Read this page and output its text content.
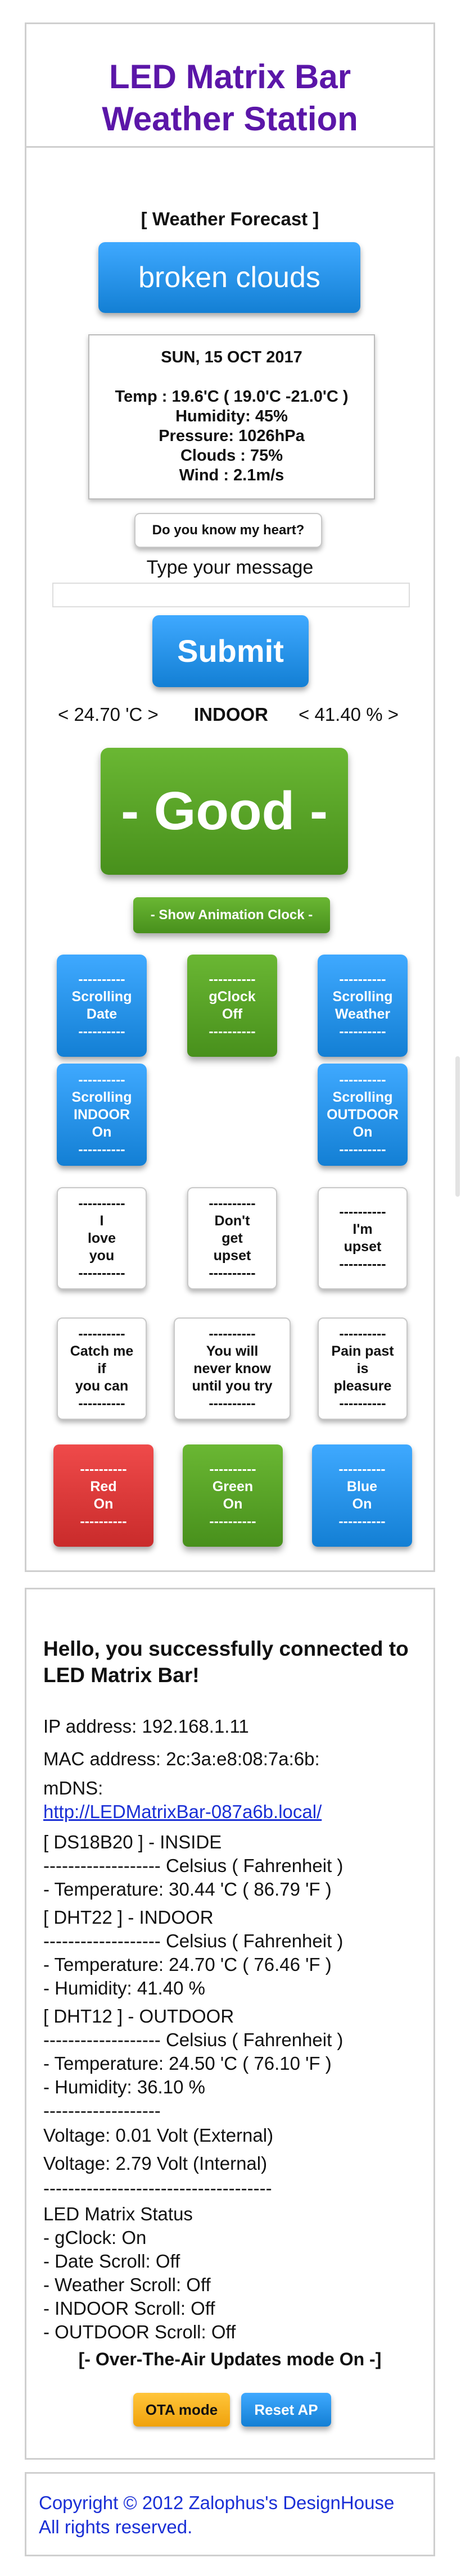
LED Matrix Bar
Weather Station
[ Weather Forecast ]
broken clouds
SUN, 15 OCT 2017
Temp : 19.6'C ( 19.0'C -21.0'C )
Humidity: 45%
Pressure: 1026hPa
Clouds : 75%
Wind : 2.1m/s
Do you know my heart?
Type your message
Submit
< 24.70 'C > INDOOR < 41.40 % >
- Good -
- Show Animation Clock -
----------
Scrolling
Date
----------
----------
gClock
Off
----------
----------
Scrolling
Weather
----------
----------
Scrolling
INDOOR
On
----------
----------
Scrolling
OUTDOOR
On
----------
----------
I
love
you
----------
----------
Don't
get
upset
----------
----------
I'm
upset
----------
----------
Catch me
if
you can
----------
----------
You will
never know
until you try
----------
----------
Pain past
is
pleasure
----------
----------
Red
On
----------
----------
Green
On
----------
----------
Blue
On
----------
Hello, you successfully connected to LED Matrix Bar!
IP address: 192.168.1.11
MAC address: 2c:3a:e8:08:7a:6b:
mDNS:
http://LEDMatrixBar-087a6b.local/
[ DS18B20 ] - INSIDE
------------------- Celsius ( Fahrenheit )
- Temperature: 30.44 'C ( 86.79 'F )
[ DHT22 ] - INDOOR
------------------- Celsius ( Fahrenheit )
- Temperature: 24.70 'C ( 76.46 'F )
- Humidity: 41.40 %
[ DHT12 ] - OUTDOOR
------------------- Celsius ( Fahrenheit )
- Temperature: 24.50 'C ( 76.10 'F )
- Humidity: 36.10 %
-------------------
Voltage: 0.01 Volt (External)
Voltage: 2.79 Volt (Internal)
-------------------------------------
LED Matrix Status
- gClock: On
- Date Scroll: Off
- Weather Scroll: Off
- INDOOR Scroll: Off
- OUTDOOR Scroll: Off
[- Over-The-Air Updates mode On -]
OTA mode	Reset AP
Copyright © 2012 Zalophus's DesignHouse All rights reserved.
